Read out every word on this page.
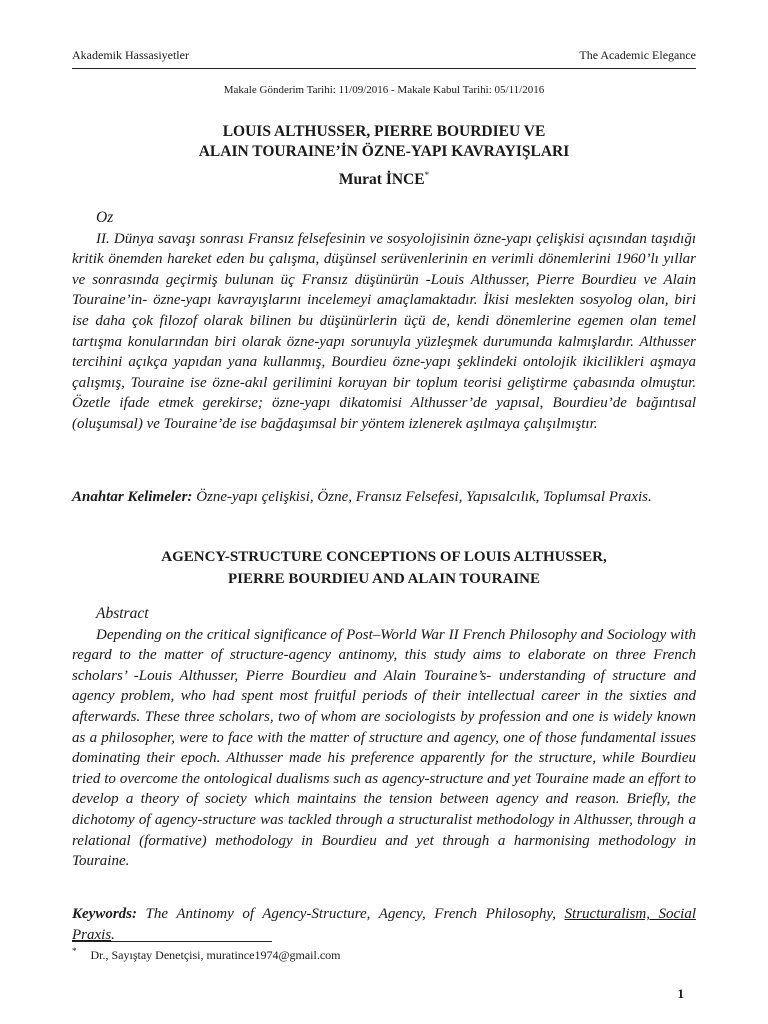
Akademik Hassasiyetler	The Academic Elegance
Makale Gönderim Tarihi: 11/09/2016 - Makale Kabul Tarihi: 05/11/2016
LOUIS ALTHUSSER, PIERRE BOURDIEU VE
ALAIN TOURAINE’İN ÖZNE-YAPI KAVRAYIŞLARI
Murat İNCE*

Oz

II. Dünya savaşı sonrası Fransız felsefesinin ve sosyolojisinin özne-yapı çelişkisi açısından taşıdığı kritik önemden hareket eden bu çalışma, düşünsel serüvenlerinin en verimli dönemlerini 1960’lı yıllar ve sonrasında geçirmiş bulunan üç Fransız düşünürün -Louis Althusser, Pierre Bourdieu ve Alain Touraine’in- özne-yapı kavrayışlarını incelemeyi amaçlamaktadır. İkisi meslekten sosyolog olan, biri ise daha çok filozof olarak bilinen bu düşünürlerin üçü de, kendi dönemlerine egemen olan temel tartışma konularından biri olarak özne-yapı sorunuyla yüzleşmek durumunda kalmışlardır. Althusser tercihini açıkça yapıdan yana kullanmış, Bourdieu özne-yapı şeklindeki ontolojik ikicilikleri aşmaya çalışmış, Touraine ise özne-akıl gerilimini koruyan bir toplum teorisi geliştirme çabasında olmuştur. Özetle ifade etmek gerekirse; özne-yapı dikatomisi Althusser’de yapısal, Bourdieu’de bağıntısal (oluşumsal) ve Touraine’de ise bağdaşımsal bir yöntem izlenerek aşılmaya çalışılmıştır.

Anahtar Kelimeler: Özne-yapı çelişkisi, Özne, Fransız Felsefesi, Yapısalcılık, Toplumsal Praxis.
AGENCY-STRUCTURE CONCEPTIONS OF LOUIS ALTHUSSER,
PIERRE BOURDIEU AND ALAIN TOURAINE

Abstract

Depending on the critical significance of Post–World War II French Philosophy and Sociology with regard to the matter of structure-agency antinomy, this study aims to elaborate on three French scholars’ -Louis Althusser, Pierre Bourdieu and Alain Touraine’s- understanding of structure and agency problem, who had spent most fruitful periods of their intellectual career in the sixties and afterwards. These three scholars, two of whom are sociologists by profession and one is widely known as a philosopher, were to face with the matter of structure and agency, one of those fundamental issues dominating their epoch. Althusser made his preference apparently for the structure, while Bourdieu tried to overcome the ontological dualisms such as agency-structure and yet Touraine made an effort to develop a theory of society which maintains the tension between agency and reason. Briefly, the dichotomy of agency-structure was tackled through a structuralist methodology in Althusser, through a relational (formative) methodology in Bourdieu and yet through a harmonising methodology in Touraine.

Keywords: The Antinomy of Agency-Structure, Agency, French Philosophy, Structuralism, Social Praxis.
* Dr., Sayıştay Denetçisi, muratince1974@gmail.com
1
